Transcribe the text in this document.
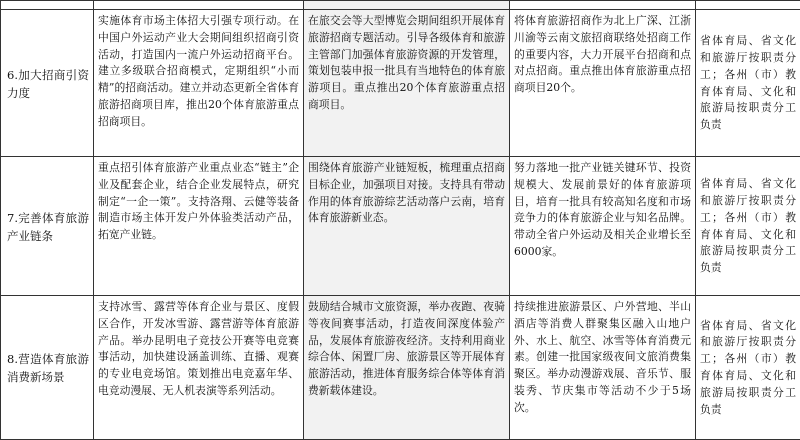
6.加大招商引资力度	实施体育市场主体招大引强专项行动。在中国户外运动产业大会期间组织招商引资活动，打造国内一流户外运动招商平台。建立多级联合招商模式，定期组织“小而精”的招商活动。建立并动态更新全省体育旅游招商项目库，推出20个体育旅游重点招商项目。	在旅交会等大型博览会期间组织开展体育旅游招商专题活动。引导各级体育和旅游主管部门加强体育旅游资源的开发管理，策划包装申报一批具有当地特色的体育旅游项目。重点推出20个体育旅游重点招商项目。	将体育旅游招商作为北上广深、江浙川渝等云南文旅招商联络处招商工作的重要内容，大力开展平台招商和点对点招商。重点推出体育旅游重点招商项目20个。	省体育局、省文化和旅游厅按职责分工；各州（市）教育体育局、文化和旅游局按职责分工负责
7.完善体育旅游产业链条	重点招引体育旅游产业重点业态“链主”企业及配套企业，结合企业发展特点，研究制定“一企一策”。支持洛翔、云健等装备制造市场主体开发户外体验类活动产品，拓宽产业链。	围绕体育旅游产业链短板，梳理重点招商目标企业，加强项目对接。支持具有带动作用的体育旅游综艺活动落户云南，培育体育旅游新业态。	努力落地一批产业链关键环节、投资规模大、发展前景好的体育旅游项目，培育一批具有较高知名度和市场竞争力的体育旅游企业与知名品牌。带动全省户外运动及相关企业增长至6000家。	省体育局、省文化和旅游厅按职责分工；各州（市）教育体育局、文化和旅游局按职责分工负责
8.营造体育旅游消费新场景	支持冰雪、露营等体育企业与景区、度假区合作，开发冰雪游、露营游等体育旅游产品。举办昆明电子竞技公开赛等电竞赛事活动，加快建设涵盖训练、直播、观赛的专业电竞场馆。策划推出电竞嘉年华、电竞动漫展、无人机表演等系列活动。	鼓励结合城市文旅资源，举办夜跑、夜骑等夜间赛事活动，打造夜间深度体验产品，发展体育旅游夜经济。支持利用商业综合体、闲置厂房、旅游景区等开展体育旅游活动，推进体育服务综合体等体育消费新载体建设。	持续推进旅游景区、户外营地、半山酒店等消费人群聚集区融入山地户外、水上、航空、冰雪等体育消费元素。创建一批国家级夜间文旅消费集聚区。举办动漫游戏展、音乐节、服装秀、节庆集市等活动不少于5场次。	省体育局、省文化和旅游厅按职责分工；各州（市）教育体育局、文化和旅游局按职责分工负责
